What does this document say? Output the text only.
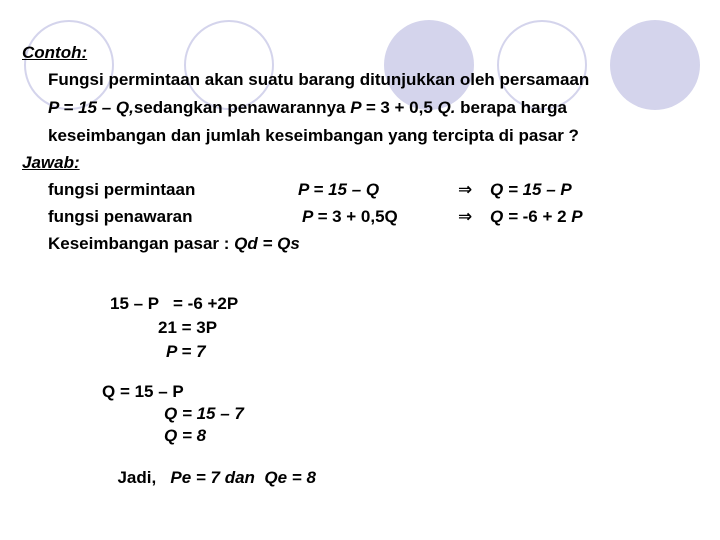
Contoh:
Fungsi permintaan akan suatu barang ditunjukkan oleh persamaan
P = 15 – Q,sedangkan penawarannya P = 3 + 0,5 Q. berapa harga
keseimbangan dan jumlah keseimbangan yang tercipta di pasar ?
Jawab:
fungsi permintaan	P = 15 – Q	⇒ Q = 15 – P
fungsi penawaran	P = 3 + 0,5Q	⇒ Q = -6 + 2 P
Keseimbangan pasar : Qd = Qs
15 – P   = -6 +2P
21 = 3P
P = 7
Q = 15 – P
Q = 15 – 7
Q = 8

Jadi,   Pe = 7 dan  Qe = 8
